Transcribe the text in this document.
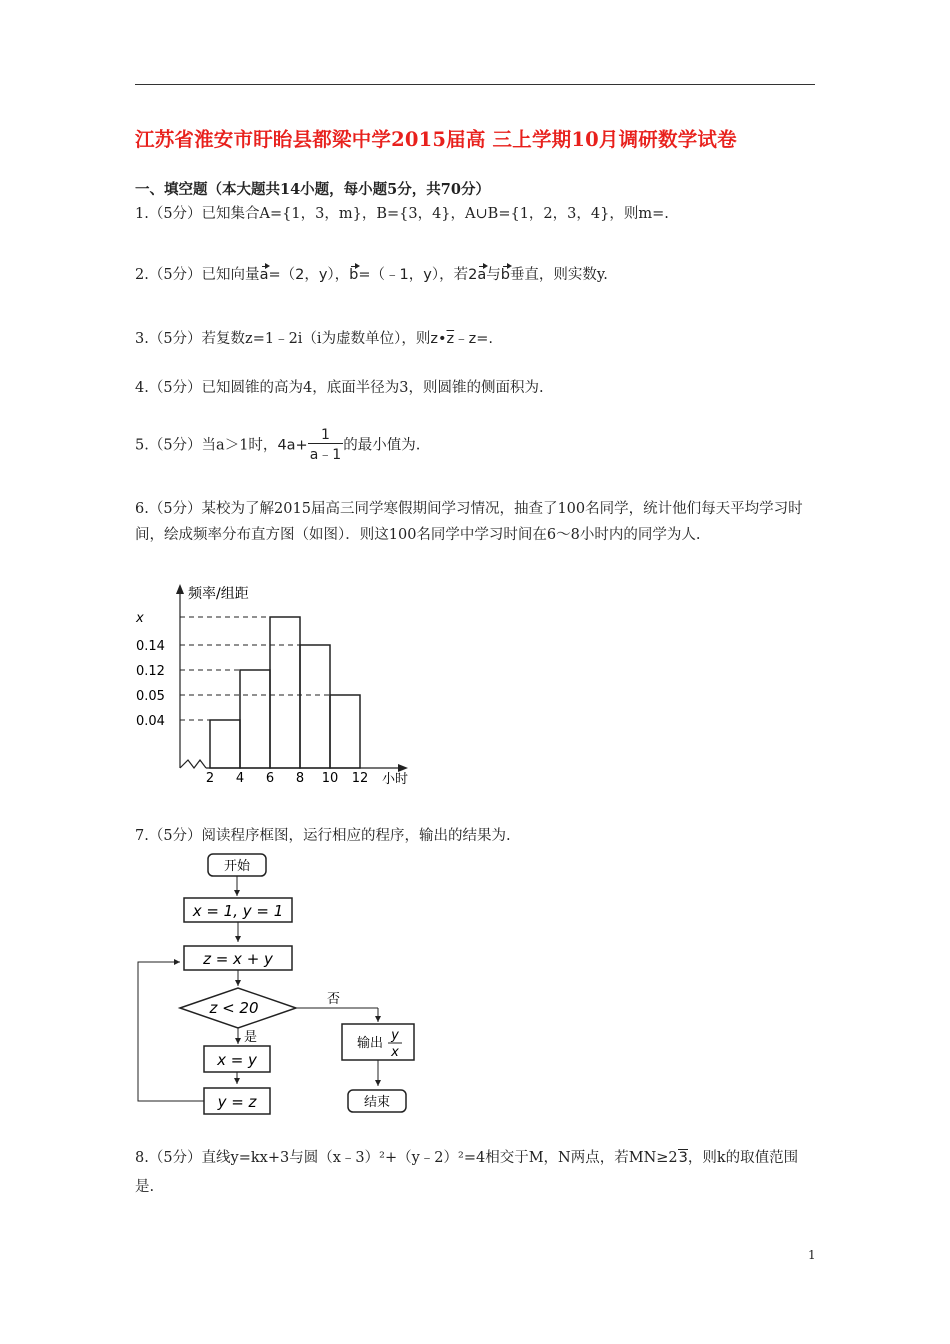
江苏省淮安市盱眙县都梁中学2015届高 三上学期10月调研数学试卷
一、填空题（本大题共14小题，每小题5分，共70分）
1.（5分）已知集合A={1，3，m}，B={3，4}，A∪B={1，2，3，4}，则m=.
2.（5分）已知向量a=（2，y），b=（﹣1，y），若2a与b垂直，则实数y.
3.（5分）若复数z=1﹣2i（i为虚数单位），则$z•\overline{z}﹣z=$.
4.（5分）已知圆锥的高为4，底面半径为3，则圆锥的侧面积为.
5.（5分）当a＞1时，$4a+ \frac{1}{a﹣1}$ 的最小值为.
6.（5分）某校为了解2015届高三同学寒假期间学习情况，抽查了100名同学，统计他们每天平均学习时间，绘成频率分布直方图（如图）．则这100名同学中学习时间在6～8小时内的同学为人.
频率/组距
小时
x
0.14
0.12
0.05
0.04
2 4 6 8 10 12
7.（5分）阅读程序框图，运行相应的程序，输出的结果为.
开始
x = 1, y = 1
z = x + y
z < 20	否
是
x = y
y = z
输出
y
x
结束
8.（5分）直线y=kx+3与圆（x﹣3）²+（y﹣2）²=4相交于M，N两点，若MN≥23，则k的取值范围
是.
1
